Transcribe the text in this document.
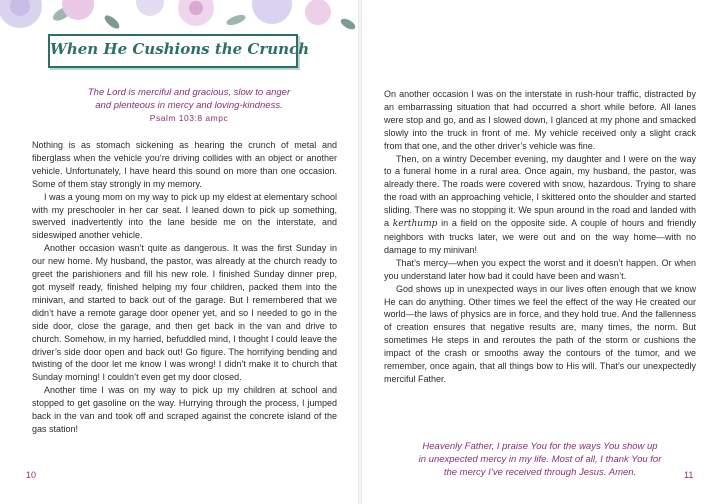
When He Cushions the Crunch
The Lord is merciful and gracious, slow to anger
and plenteous in mercy and loving-kindness.
Psalm 103:8 ampc

Nothing is as stomach sickening as hearing the crunch of metal and fiberglass when the vehicle you’re driving collides with an object or another vehicle. Unfortunately, I have heard this sound on more than one occasion. Some of them stay strongly in my memory.

I was a young mom on my way to pick up my eldest at elementary school with my preschooler in her car seat. I leaned down to pick up something, swerved inadvertently into the lane beside me on the interstate, and sideswiped another vehicle.

Another occasion wasn’t quite as dangerous. It was the first Sunday in our new home. My husband, the pastor, was already at the church ready to greet the parishioners and fill his new role. I finished Sunday dinner prep, got myself ready, finished helping my four children, packed them into the minivan, and started to back out of the garage. But I remembered that we didn’t have a remote garage door opener yet, and so I needed to go in the side door, close the garage, and then get back in the van and drive to church. Somehow, in my harried, befuddled mind, I thought I could leave the driver’s side door open and back out! Go figure. The horrifying bending and twisting of the door let me know I was wrong! I didn’t make it to church that Sunday morning! I couldn’t even get my door closed.

Another time I was on my way to pick up my children at school and stopped to get gasoline on the way. Hurrying through the process, I jumped back in the van and took off and scraped against the concrete island of the gas station!

10

On another occasion I was on the interstate in rush-hour traffic, distracted by an embarrassing situation that had occurred a short while before. All lanes were stop and go, and as I slowed down, I glanced at my phone and smacked slowly into the truck in front of me. My vehicle received only a slight crack from that one, and the other driver’s vehicle was fine.

Then, on a wintry December evening, my daughter and I were on the way to a funeral home in a rural area. Once again, my husband, the pastor, was already there. The roads were covered with snow, hazardous. Trying to share the road with an approaching vehicle, I skittered onto the shoulder and started sliding. There was no stopping it. We spun around in the road and landed with a kerthump in a field on the opposite side. A couple of hours and friendly neighbors with trucks later, we were out and on the way home—with no damage to my minivan!

That’s mercy—when you expect the worst and it doesn’t happen. Or when you understand later how bad it could have been and wasn’t.

God shows up in unexpected ways in our lives often enough that we know He can do anything. Other times we feel the effect of the way He created our world—the laws of physics are in force, and they hold true. And the fallenness of creation ensures that negative results are, many times, the norm. But sometimes He steps in and reroutes the path of the storm or cushions the impact of the crash or smooths away the contours of the tumor, and we remember, once again, that all things bow to His will. That’s our unexpectedly merciful Father.

Heavenly Father, I praise You for the ways You show up
in unexpected mercy in my life. Most of all, I thank You for
the mercy I’ve received through Jesus. Amen.	11
